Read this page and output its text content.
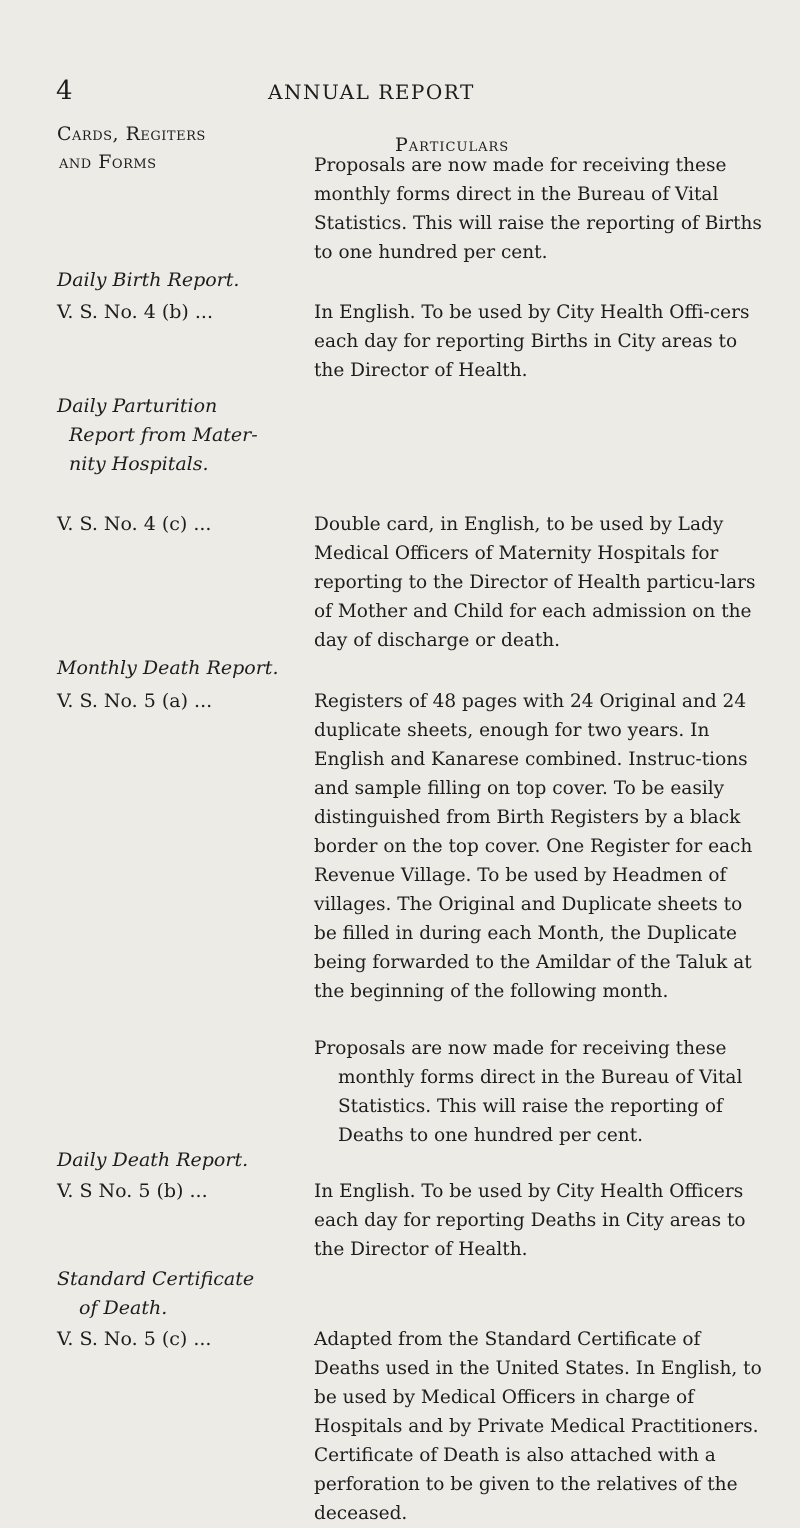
4	ANNUAL REPORT
Cards, Regiters
and Forms
Particulars

Proposals are now made for receiving these monthly forms direct in the Bureau of Vital Statistics. This will raise the reporting of Births to one hundred per cent.

Daily Birth Report.
V. S. No. 4 (b) ...	In English. To be used by City Health Offi-cers each day for reporting Births in City areas to the Director of Health.

Daily Parturition
Report from Mater-
nity Hospitals.
V. S. No. 4 (c) ...	Double card, in English, to be used by Lady Medical Officers of Maternity Hospitals for reporting to the Director of Health particu-lars of Mother and Child for each admission on the day of discharge or death.

Monthly Death Report.
V. S. No. 5 (a) ...	Registers of 48 pages with 24 Original and 24 duplicate sheets, enough for two years. In English and Kanarese combined. Instruc-tions and sample filling on top cover. To be easily distinguished from Birth Registers by a black border on the top cover. One Register for each Revenue Village. To be used by Headmen of villages. The Original and Duplicate sheets to be filled in during each Month, the Duplicate being forwarded to the Amildar of the Taluk at the beginning of the following month.

Proposals are now made for receiving these monthly forms direct in the Bureau of Vital Statistics. This will raise the reporting of Deaths to one hundred per cent.

Daily Death Report.
V. S No. 5 (b) ...	In English. To be used by City Health Officers each day for reporting Deaths in City areas to the Director of Health.

Standard Certificate
of Death.
V. S. No. 5 (c) ...	Adapted from the Standard Certificate of Deaths used in the United States. In English, to be used by Medical Officers in charge of Hospitals and by Private Medical Practitioners. Certificate of Death is also attached with a perforation to be given to the relatives of the deceased.
